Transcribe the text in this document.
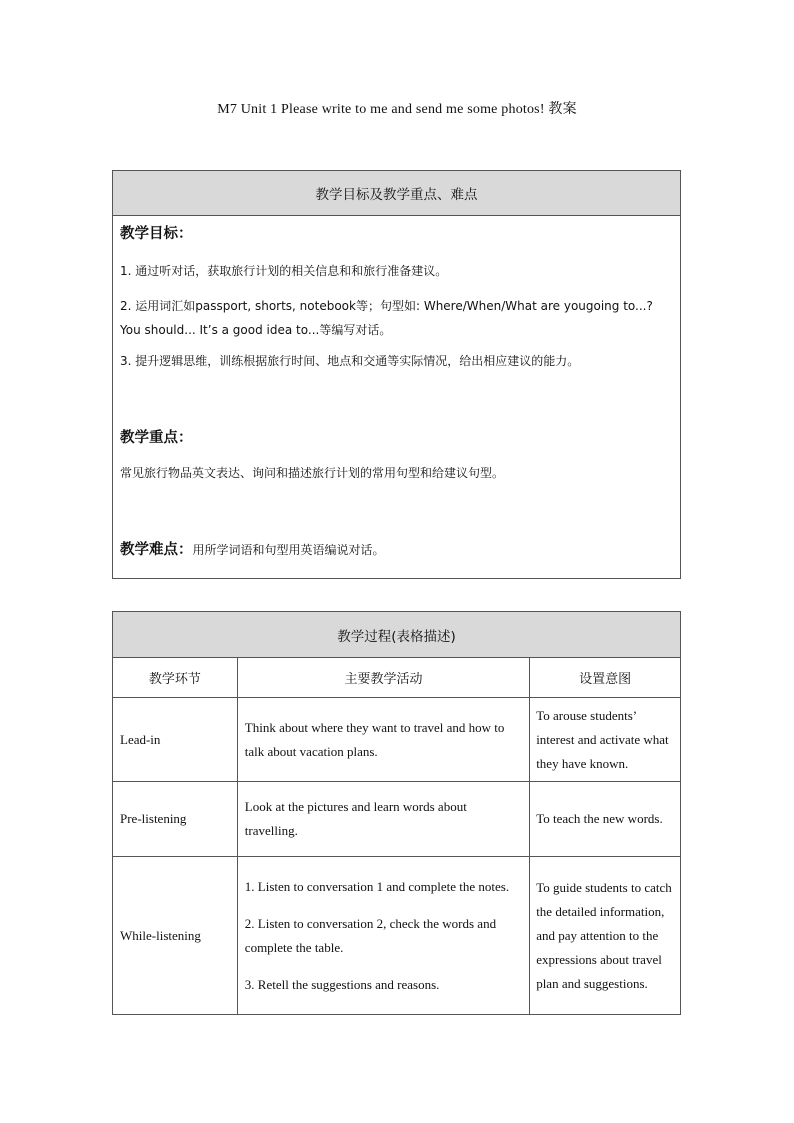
M7 Unit 1 Please write to me and send me some photos! 教案
教学目标及教学重点、难点

教学目标：

1. 通过听对话，获取旅行计划的相关信息和和旅行准备建议。

2. 运用词汇如passport, shorts, notebook等；句型如: Where/When/What are yougoing to...? You should... It’s a good idea to...等编写对话。

3. 提升逻辑思维，训练根据旅行时间、地点和交通等实际情况，给出相应建议的能力。

教学重点：

常见旅行物品英文表达、询问和描述旅行计划的常用句型和给建议句型。

教学难点：用所学词语和句型用英语编说对话。

教学过程(表格描述)		
教学环节	主要教学活动	设置意图
Lead-in	Think about where they want to travel and how to talk about vacation plans.	To arouse students’ interest and activate what they have known.

Pre-listening	Look at the pictures and learn words about travelling.	To teach the new words.

While-listening	1. Listen to conversation 1 and complete the notes.

2. Listen to conversation 2, check the words and complete the table.

3. Retell the suggestions and reasons.	To guide students to catch the detailed information, and pay attention to the expressions about travel plan and suggestions.
